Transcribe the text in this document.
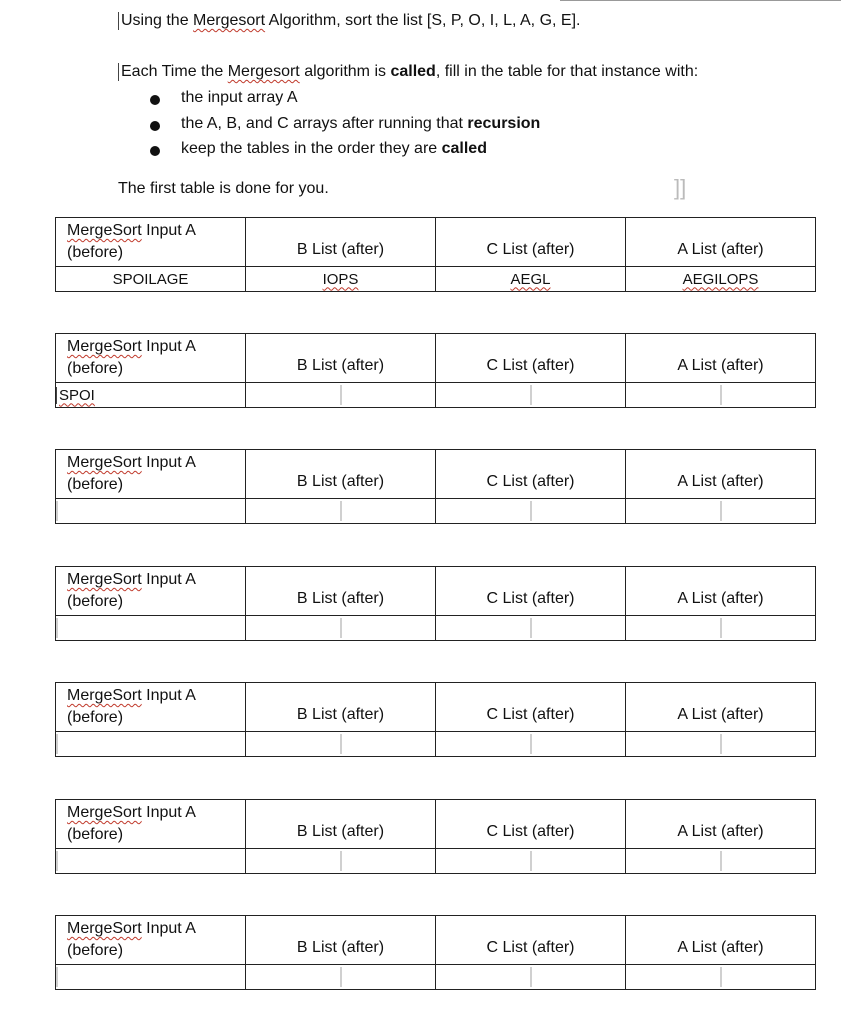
Using the Mergesort Algorithm, sort the list [S, P, O, I, L, A, G, E].
Each Time the Mergesort algorithm is called, fill in the table for that instance with:
the input array A
the A, B, and C arrays after running that recursion
keep the tables in the order they are called
The first table is done for you.	]]
MergeSort Input A
(before)	B List (after)	C List (after)	A List (after)

SPOILAGE	IOPS	AEGL	AEGILOPS
MergeSort Input A
(before)	B List (after)	C List (after)	A List (after)

SPOI	

MergeSort Input A
(before)	B List (after)	C List (after)	A List (after)

MergeSort Input A
(before)	B List (after)	C List (after)	A List (after)

MergeSort Input A
(before)	B List (after)	C List (after)	A List (after)

MergeSort Input A
(before)	B List (after)	C List (after)	A List (after)

MergeSort Input A
(before)	B List (after)	C List (after)	A List (after)
